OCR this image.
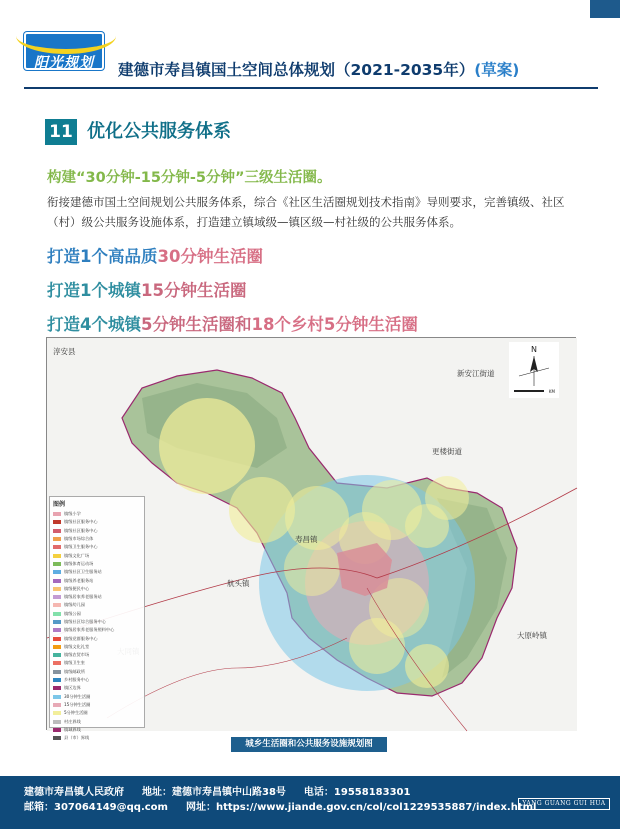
阳光规划	建德市寿昌镇国土空间总体规划（2021-2035年）(草案)
11 优化公共服务体系
构建“30分钟-15分钟-5分钟”三级生活圈。
衔接建德市国土空间规划公共服务体系，综合《社区生活圈规划技术指南》导则要求，完善镇级、社区（村）级公共服务设施体系，打造建立镇域级—镇区级—村社级的公共服务体系。
打造1个高品质30分钟生活圈
打造1个城镇15分钟生活圈
打造4个城镇5分钟生活圈和18个乡村5分钟生活圈
淳安县
新安江街道
更楼街道
寿昌镇
航头镇
大原岭镇
N
KM
图例
镇级小学
镇级社区服务中心
镇级社区服务中心
镇级市场综合体
镇级卫生服务中心
镇级文化广场
镇级体育运动场
镇级社区卫生服务站
镇级养老服务站
镇级便民中心
镇级居家养老服务站
镇级幼儿园
镇级公园
镇级社区综合服务中心
镇级居家养老服务照料中心
镇级党群服务中心
镇级文化礼堂
镇级农贸市场
镇级卫生室
镇级邮政所
乡村服务中心
镇区边界
30分钟生活圈
15分钟生活圈
5分钟生活圈
村庄界线
镇域界线
县（市）界线
城乡生活圈和公共服务设施规划图
建德市寿昌镇人民政府 地址：建德市寿昌镇中山路38号 电话：19558183301
邮箱：307064149@qq.com 网址：https://www.jiande.gov.cn/col/col1229535887/index.html
YANG GUANG GUI HUA
